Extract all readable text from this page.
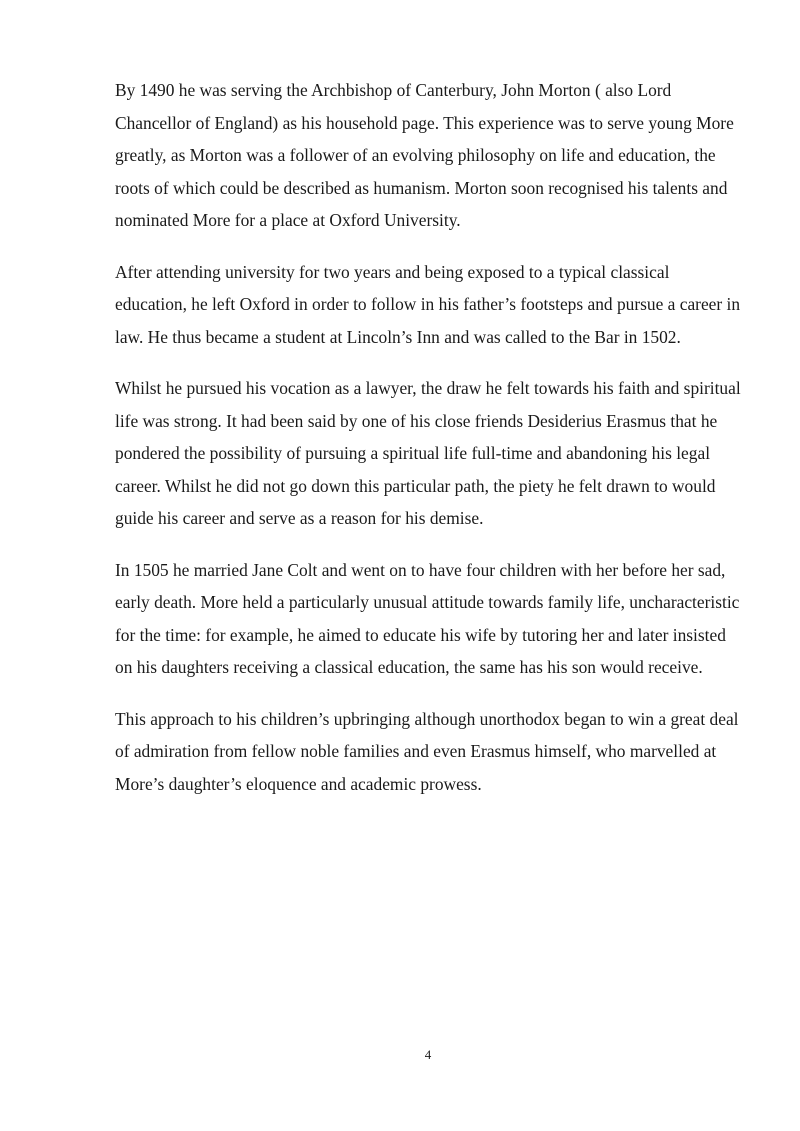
By 1490 he was serving the Archbishop of Canterbury, John Morton ( also Lord Chancellor of England) as his household page. This experience was to serve young More greatly, as Morton was a follower of an evolving philosophy on life and education, the roots of which could be described as humanism. Morton soon recognised his talents and nominated More for a place at Oxford University.

After attending university for two years and being exposed to a typical classical education, he left Oxford in order to follow in his father’s footsteps and pursue a career in law. He thus became a student at Lincoln’s Inn and was called to the Bar in 1502.

Whilst he pursued his vocation as a lawyer, the draw he felt towards his faith and spiritual life was strong. It had been said by one of his close friends Desiderius Erasmus that he pondered the possibility of pursuing a spiritual life full-time and abandoning his legal career. Whilst he did not go down this particular path, the piety he felt drawn to would guide his career and serve as a reason for his demise.

In 1505 he married Jane Colt and went on to have four children with her before her sad, early death. More held a particularly unusual attitude towards family life, uncharacteristic for the time: for example, he aimed to educate his wife by tutoring her and later insisted on his daughters receiving a classical education, the same has his son would receive.

This approach to his children’s upbringing although unorthodox began to win a great deal of admiration from fellow noble families and even Erasmus himself, who marvelled at More’s daughter’s eloquence and academic prowess.

4
